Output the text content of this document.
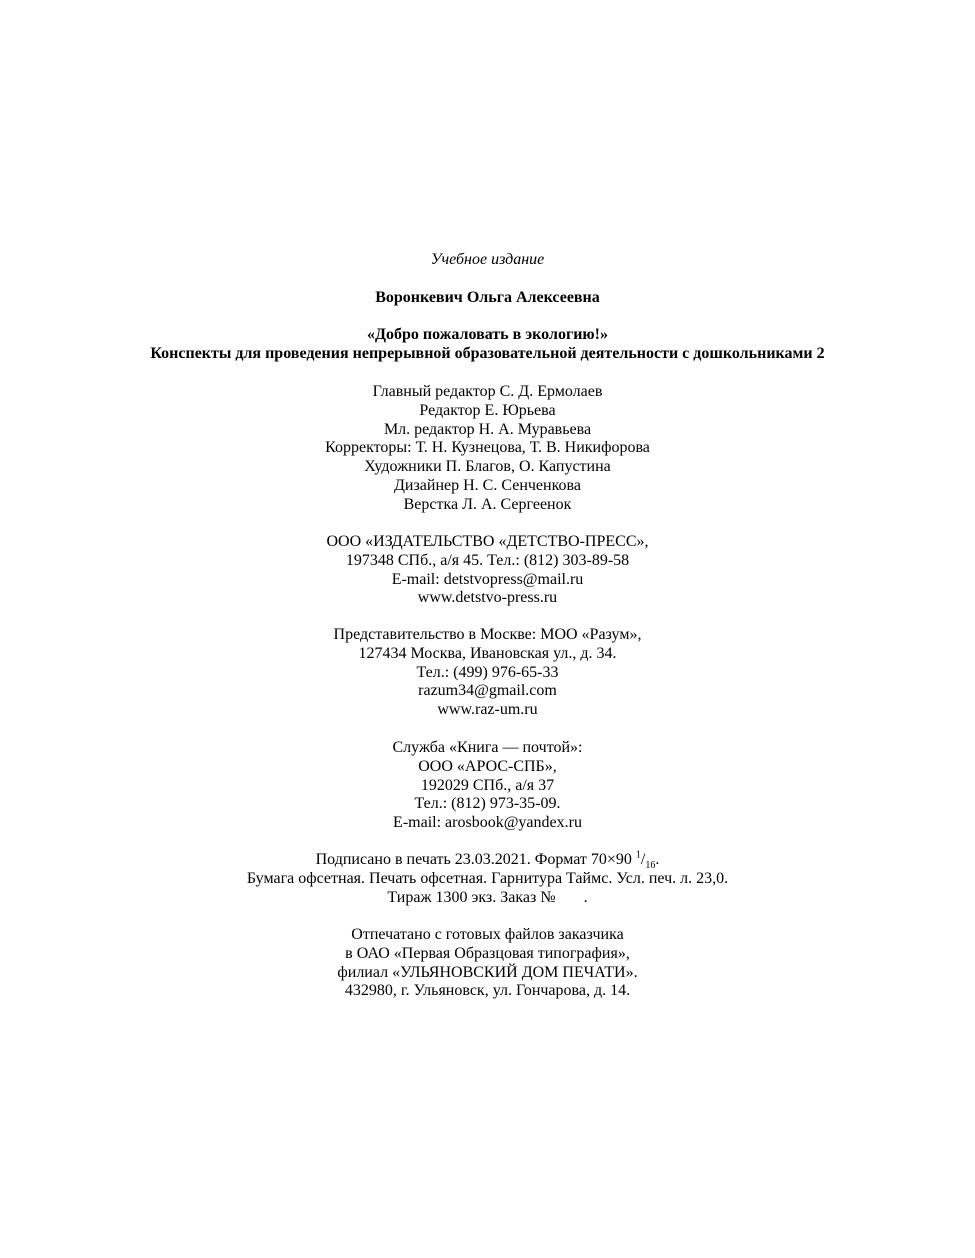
Учебное издание
Воронкевич Ольга Алексеевна
«Добро пожаловать в экологию!»
Конспекты для проведения непрерывной образовательной деятельности с дошкольниками 2
Главный редактор С. Д. Ермолаев
Редактор Е. Юрьева
Мл. редактор Н. А. Муравьева
Корректоры: Т. Н. Кузнецова, Т. В. Никифорова
Художники П. Благов, О. Капустина
Дизайнер Н. С. Сенченкова
Верстка Л. А. Сергеенок
ООО «ИЗДАТЕЛЬСТВО «ДЕТСТВО-ПРЕСС»,
197348 СПб., а/я 45. Тел.: (812) 303-89-58
E-mail: detstvopress@mail.ru
www.detstvo-press.ru
Представительство в Москве: МОО «Разум»,
127434 Москва, Ивановская ул., д. 34.
Тел.: (499) 976-65-33
razum34@gmail.com
www.raz-um.ru
Служба «Книга — почтой»:
ООО «АРОС-СПБ»,
192029 СПб., а/я 37
Тел.: (812) 973-35-09.
E-mail: arosbook@yandex.ru
Подписано в печать 23.03.2021. Формат 70×90 $^1/_{16}$.
Бумага офсетная. Печать офсетная. Гарнитура Таймс. Усл. печ. л. 23,0.
Тираж 1300 экз. Заказ №       .
Отпечатано с готовых файлов заказчика
в ОАО «Первая Образцовая типография»,
филиал «УЛЬЯНОВСКИЙ ДОМ ПЕЧАТИ».
432980, г. Ульяновск, ул. Гончарова, д. 14.
